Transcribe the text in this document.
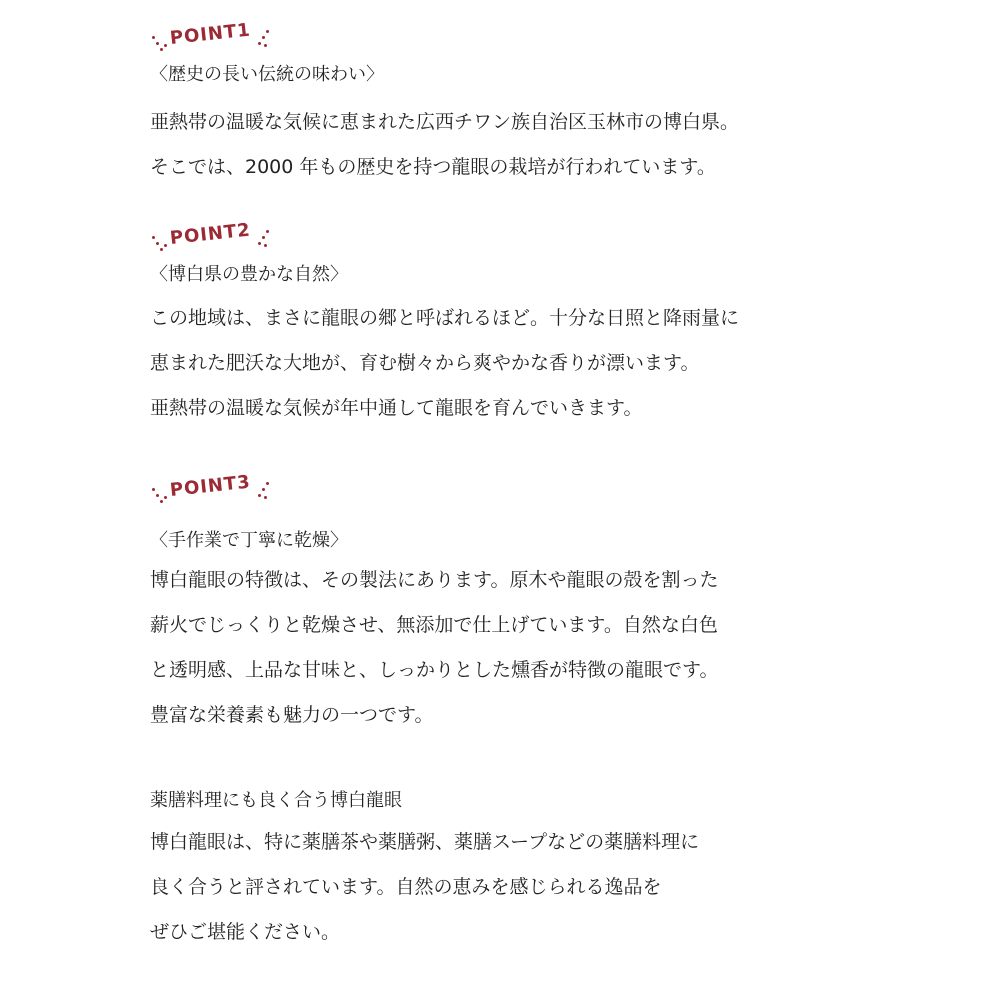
POINT1
〈歴史の長い伝統の味わい〉
亜熱帯の温暖な気候に恵まれた広西チワン族自治区玉林市の博白県。
そこでは、2000 年もの歴史を持つ龍眼の栽培が行われています。
POINT2
〈博白県の豊かな自然〉
この地域は、まさに龍眼の郷と呼ばれるほど。十分な日照と降雨量に
恵まれた肥沃な大地が、育む樹々から爽やかな香りが漂います。
亜熱帯の温暖な気候が年中通して龍眼を育んでいきます。
POINT3
〈手作業で丁寧に乾燥〉
博白龍眼の特徴は、その製法にあります。原木や龍眼の殻を割った
薪火でじっくりと乾燥させ、無添加で仕上げています。自然な白色
と透明感、上品な甘味と、しっかりとした燻香が特徴の龍眼です。
豊富な栄養素も魅力の一つです。
薬膳料理にも良く合う博白龍眼
博白龍眼は、特に薬膳茶や薬膳粥、薬膳スープなどの薬膳料理に
良く合うと評されています。自然の恵みを感じられる逸品を
ぜひご堪能ください。
